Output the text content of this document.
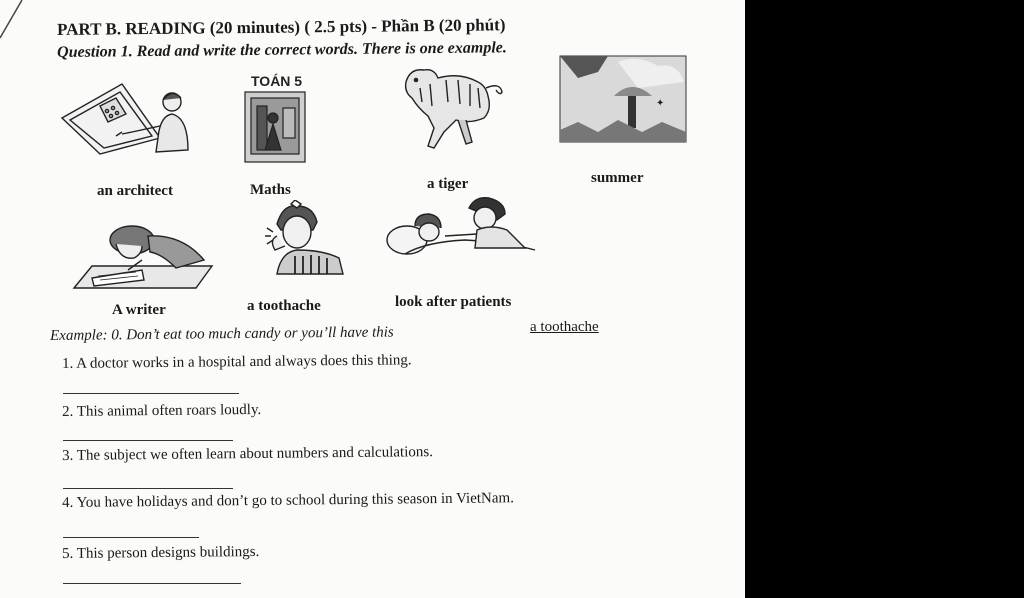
PART B. READING (20 minutes) ( 2.5 pts) - Phần B (20 phút)
Question 1. Read and write the correct words. There is one example.
an architect
TOÁN 5
Maths	a tiger
✦
summer
A writer	a toothache	look after patients
Example: 0. Don’t eat too much candy or you’ll have this	a toothache
1. A doctor works in a hospital and always does this thing.
2. This animal often roars loudly.
3. The subject we often learn about numbers and calculations.
4. You have holidays and don’t go to school during this season in VietNam.
5. This person designs buildings.
